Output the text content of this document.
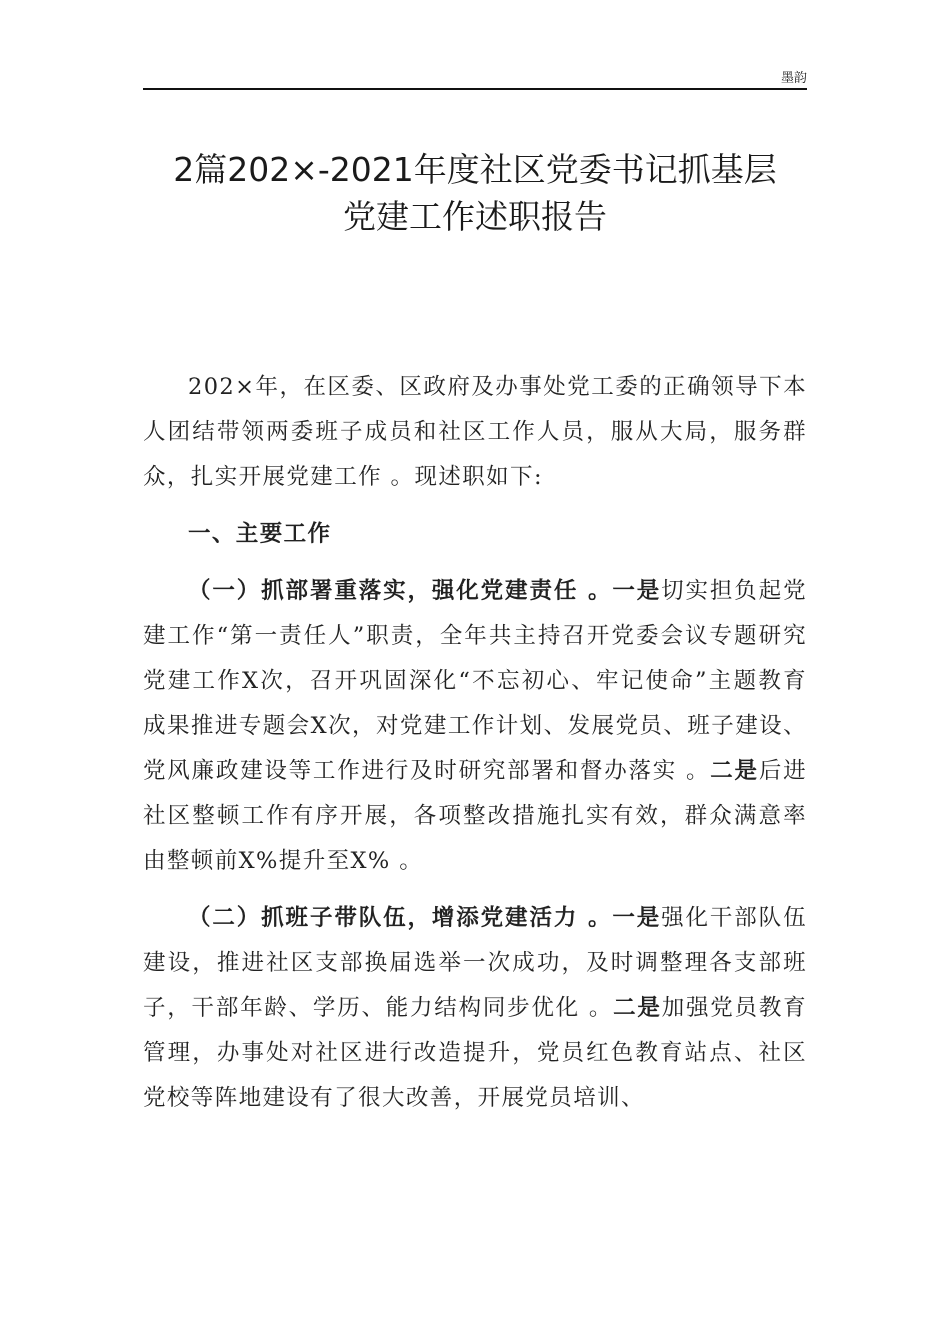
墨韵
2篇202×-2021年度社区党委书记抓基层
党建工作述职报告

202×年，在区委、区政府及办事处党工委的正确领导下本人团结带领两委班子成员和社区工作人员，服从大局，服务群众，扎实开展党建工作 。现述职如下:

一、主要工作

（一）抓部署重落实，强化党建责任 。一是切实担负起党建工作“第一责任人”职责，全年共主持召开党委会议专题研究党建工作X次，召开巩固深化“不忘初心、牢记使命”主题教育成果推进专题会X次，对党建工作计划、发展党员、班子建设、党风廉政建设等工作进行及时研究部署和督办落实 。二是后进社区整顿工作有序开展，各项整改措施扎实有效，群众满意率由整顿前X%提升至X% 。

（二）抓班子带队伍，增添党建活力 。一是强化干部队伍建设，推进社区支部换届选举一次成功，及时调整理各支部班子，干部年龄、学历、能力结构同步优化 。二是加强党员教育管理，办事处对社区进行改造提升，党员红色教育站点、社区党校等阵地建设有了很大改善，开展党员培训、
